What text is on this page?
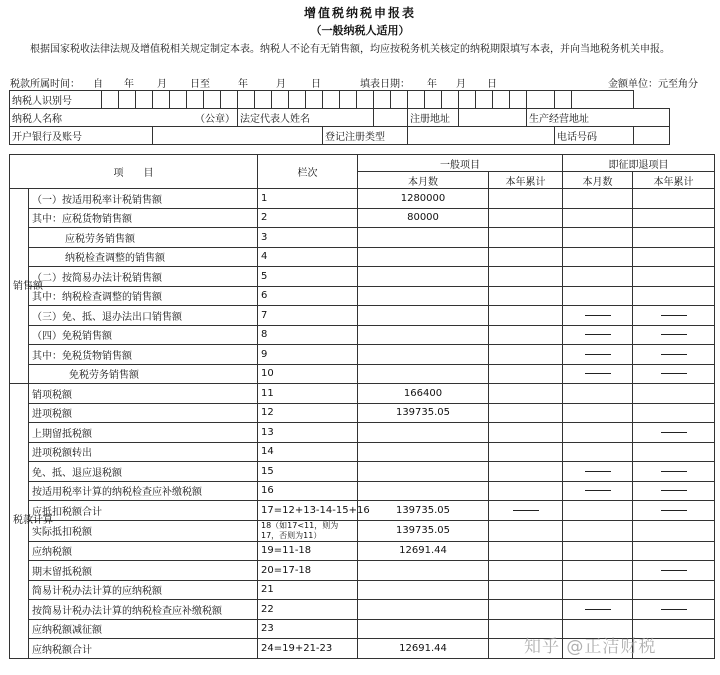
增值税纳税申报表
（一般纳税人适用）
根据国家税收法律法规及增值税相关规定制定本表。纳税人不论有无销售额，均应按税务机关核定的纳税期限填写本表，并向当地税务机关申报。
税款所属时间： 自 年 月 日至	年	月	日	填表日期： 年 月 日	金额单位：元至角分
纳税人识别号																													
纳税人名称 （公章）									法定代表人姓名										注册地址							生产经营地址			
开户银行及账号														登记注册类型													电话号码		
项　　目		栏次	一般项目		即征即退项目	
			本月数	本年累计	本月数	本年累计
销售额	（一）按适用税率计税销售额	1	1280000			
	其中：应税货物销售额	2	80000			
	应税劳务销售额	3				
	纳税检查调整的销售额	4				
	（二）按简易办法计税销售额	5				
	其中：纳税检查调整的销售额	6				
	（三）免、抵、退办法出口销售额	7			

	（四）免税销售额	8			

	其中：免税货物销售额	9			

	免税劳务销售额	10			

税款计算	销项税额	11	166400			
	进项税额	12	139735.05			
	上期留抵税额	13				

	进项税额转出	14				
	免、抵、退应退税额	15			

	按适用税率计算的纳税检查应补缴税额	16			

	应抵扣税额合计	17=12+13-14-15+16	139735.05	

	实际抵扣税额	18（如17<11，则为17，否则为11）	139735.05			
	应纳税额	19=11-18	12691.44			
	期末留抵税额	20=17-18				

	简易计税办法计算的应纳税额	21				
	按简易计税办法计算的纳税检查应补缴税额	22			

	应纳税额减征额	23				
	应纳税额合计	24=19+21-23	12691.44				知乎 @正洁财税
